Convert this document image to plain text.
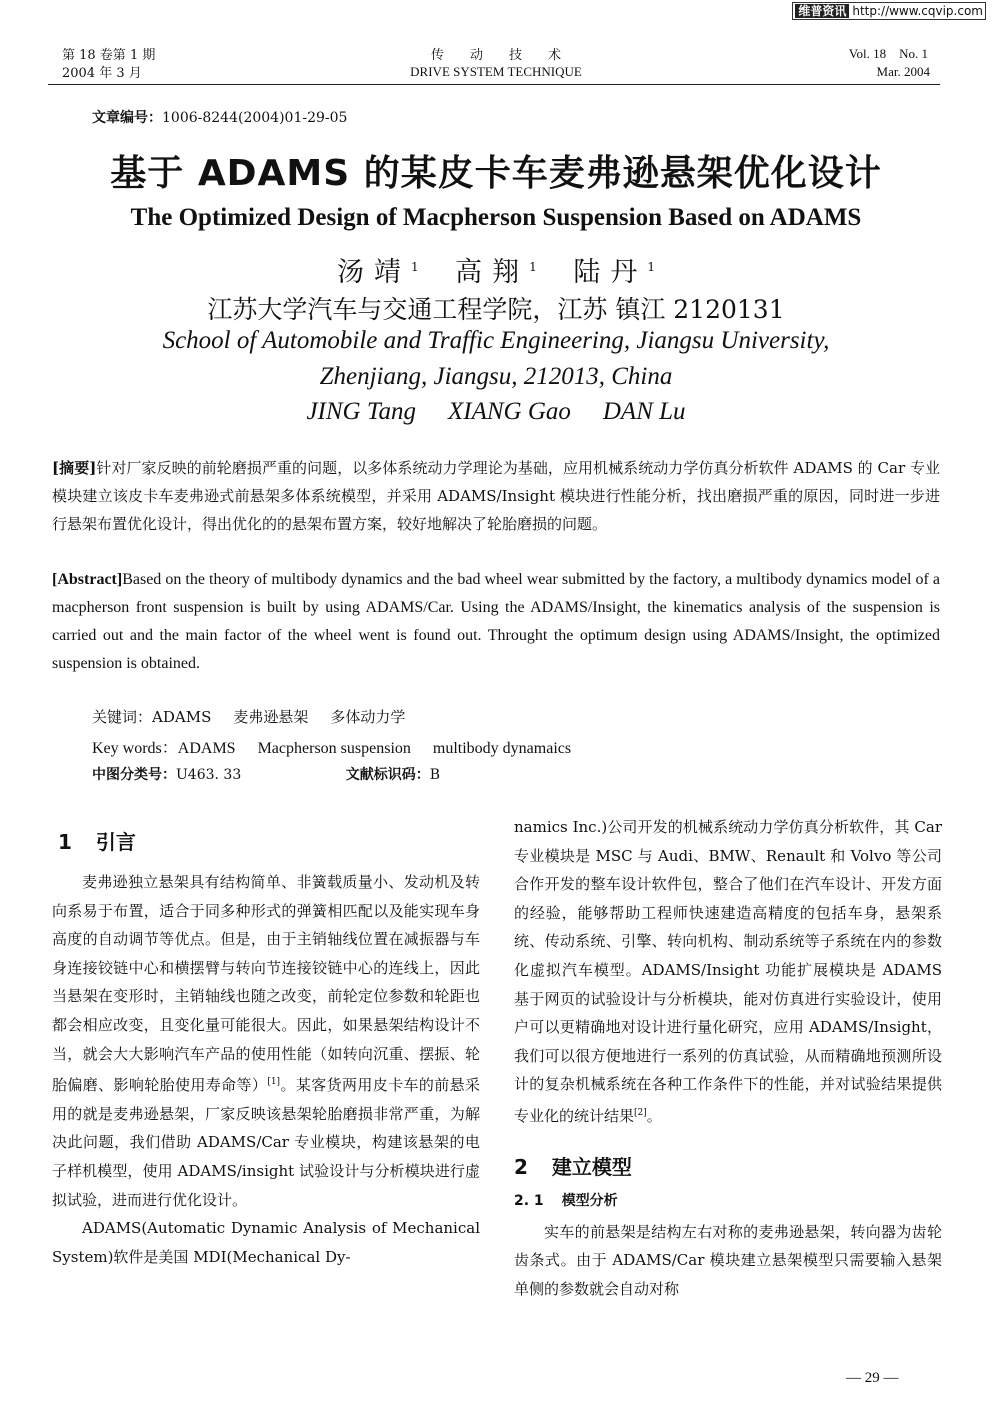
维普资讯 http://www.cqvip.com
第 18 卷第 1 期
2004 年 3 月
传　　动　　技　　术
DRIVE SYSTEM TECHNIQUE
Vol. 18　No. 1
Mar. 2004
文章编号：1006-8244(2004)01-29-05
基于 ADAMS 的某皮卡车麦弗逊悬架优化设计
The Optimized Design of Macpherson Suspension Based on ADAMS
汤靖$^1$ 高翔$^1$ 陆丹$^1$
江苏大学汽车与交通工程学院，江苏 镇江 2120131
School of Automobile and Traffic Engineering, Jiangsu University,
Zhenjiang, Jiangsu, 212013, China
JING Tang XIANG Gao DAN Lu
[摘要]针对厂家反映的前轮磨损严重的问题，以多体系统动力学理论为基础，应用机械系统动力学仿真分析软件 ADAMS 的 Car 专业模块建立该皮卡车麦弗逊式前悬架多体系统模型，并采用 ADAMS/Insight 模块进行性能分析，找出磨损严重的原因，同时进一步进行悬架布置优化设计，得出优化的的悬架布置方案，较好地解决了轮胎磨损的问题。
[Abstract]Based on the theory of multibody dynamics and the bad wheel wear submitted by the factory, a multibody dynamics model of a macpherson front suspension is built by using ADAMS/Car. Using the ADAMS/Insight, the kinematics analysis of the suspension is carried out and the main factor of the wheel went is found out. Throught the optimum design using ADAMS/Insight, the optimized suspension is obtained.
关键词：ADAMS 麦弗逊悬架 多体动力学
Key words：ADAMS Macpherson suspension multibody dynamaics
中图分类号：U463. 33	文献标识码：B
1 引言

麦弗逊独立悬架具有结构简单、非簧载质量小、发动机及转向系易于布置，适合于同多种形式的弹簧相匹配以及能实现车身高度的自动调节等优点。但是，由于主销轴线位置在减振器与车身连接铰链中心和横摆臂与转向节连接铰链中心的连线上，因此当悬架在变形时，主销轴线也随之改变，前轮定位参数和轮距也都会相应改变，且变化量可能很大。因此，如果悬架结构设计不当，就会大大影响汽车产品的使用性能（如转向沉重、摆振、轮胎偏磨、影响轮胎使用寿命等）[1]。某客货两用皮卡车的前悬采用的就是麦弗逊悬架，厂家反映该悬架轮胎磨损非常严重，为解决此问题，我们借助 ADAMS/Car 专业模块，构建该悬架的电子样机模型，使用 ADAMS/insight 试验设计与分析模块进行虚拟试验，进而进行优化设计。

ADAMS(Automatic Dynamic Analysis of Mechanical System)软件是美国 MDI(Mechanical Dy-

namics Inc.)公司开发的机械系统动力学仿真分析软件，其 Car 专业模块是 MSC 与 Audi、BMW、Renault 和 Volvo 等公司合作开发的整车设计软件包，整合了他们在汽车设计、开发方面的经验，能够帮助工程师快速建造高精度的包括车身，悬架系统、传动系统、引擎、转向机构、制动系统等子系统在内的参数化虚拟汽车模型。ADAMS/Insight 功能扩展模块是 ADAMS 基于网页的试验设计与分析模块，能对仿真进行实验设计，使用户可以更精确地对设计进行量化研究，应用 ADAMS/Insight，我们可以很方便地进行一系列的仿真试验，从而精确地预测所设计的复杂机械系统在各种工作条件下的性能，并对试验结果提供专业化的统计结果[2]。

2 建立模型
2. 1 模型分析

实车的前悬架是结构左右对称的麦弗逊悬架，转向器为齿轮齿条式。由于 ADAMS/Car 模块建立悬架模型只需要输入悬架单侧的参数就会自动对称

— 29 —
